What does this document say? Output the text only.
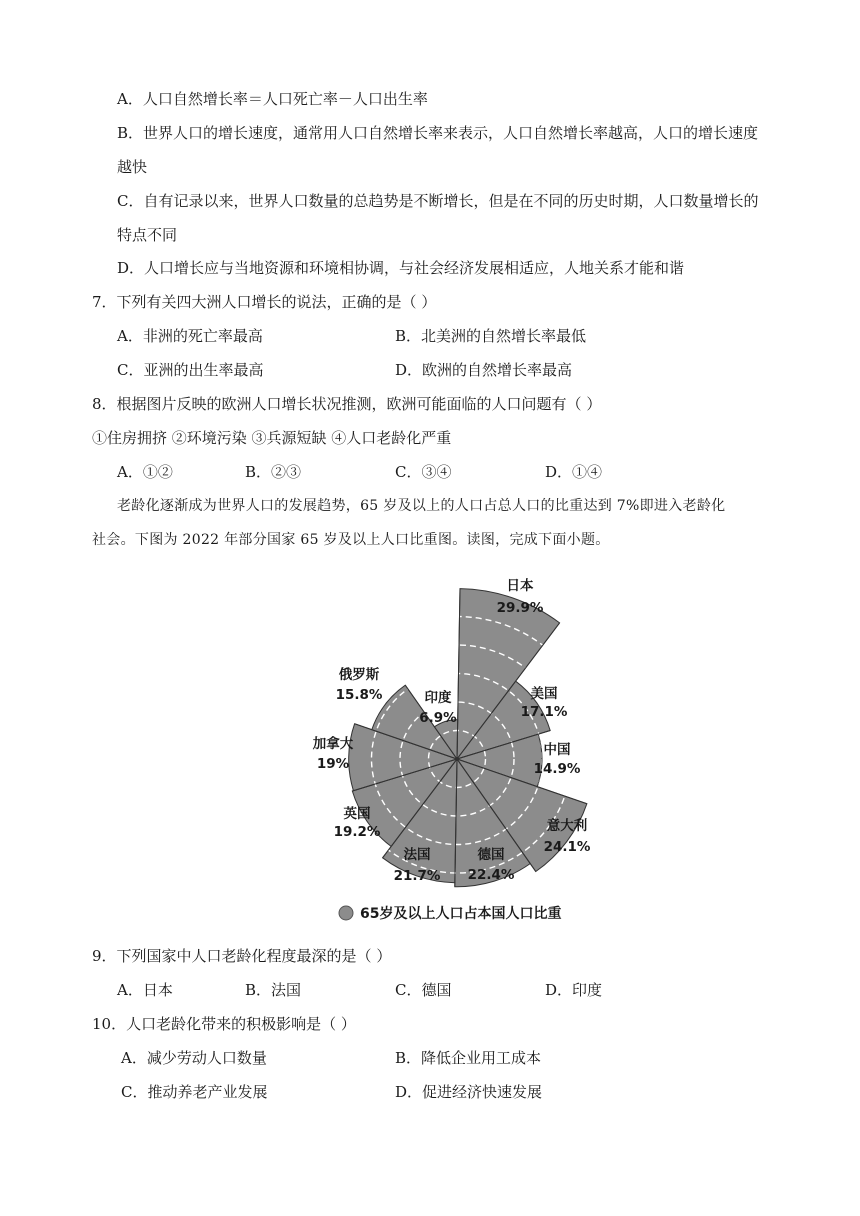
A．人口自然增长率＝人口死亡率－人口出生率
B．世界人口的增长速度，通常用人口自然增长率来表示，人口自然增长率越高，人口的增长速度
越快
C．自有记录以来，世界人口数量的总趋势是不断增长，但是在不同的历史时期，人口数量增长的
特点不同
D．人口增长应与当地资源和环境相协调，与社会经济发展相适应，人地关系才能和谐
7．下列有关四大洲人口增长的说法，正确的是（ ）
A．非洲的死亡率最高	B．北美洲的自然增长率最低
C．亚洲的出生率最高	D．欧洲的自然增长率最高
8．根据图片反映的欧洲人口增长状况推测，欧洲可能面临的人口问题有（ ）
①住房拥挤 ②环境污染 ③兵源短缺 ④人口老龄化严重
A．①②	B．②③	C．③④	D．①④
老龄化逐渐成为世界人口的发展趋势，65 岁及以上的人口占总人口的比重达到 7%即进入老龄化
社会。下图为 2022 年部分国家 65 岁及以上人口比重图。读图，完成下面小题。
日本
29.9%
美国
17.1%
中国
14.9%
意大利
24.1%
德国
22.4%
法国
21.7%
英国
19.2%
加拿大
19%
俄罗斯
15.8%	印度
6.9%
65岁及以上人口占本国人口比重
9．下列国家中人口老龄化程度最深的是（ ）
A．日本	B．法国	C．德国	D．印度
10．人口老龄化带来的积极影响是（ ）
A．减少劳动人口数量	B．降低企业用工成本
C．推动养老产业发展	D．促进经济快速发展
